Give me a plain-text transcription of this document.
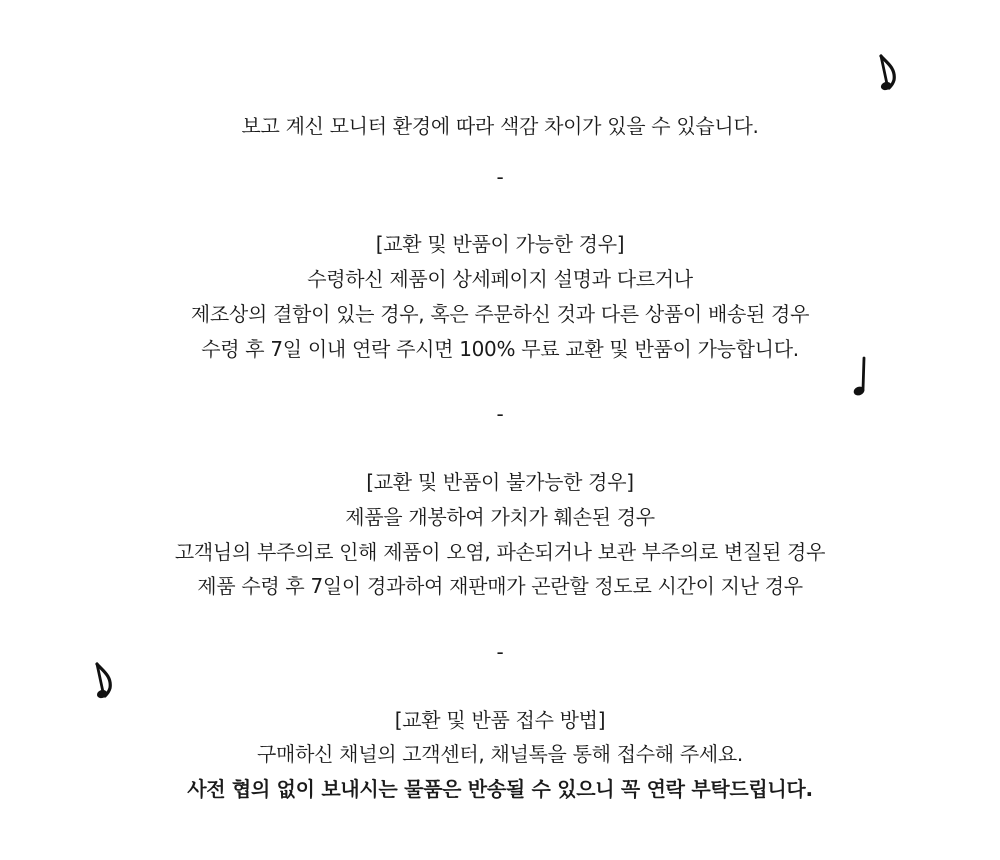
보고 계신 모니터 환경에 따라 색감 차이가 있을 수 있습니다.
-
[교환 및 반품이 가능한 경우]
수령하신 제품이 상세페이지 설명과 다르거나
제조상의 결함이 있는 경우, 혹은 주문하신 것과 다른 상품이 배송된 경우
수령 후 7일 이내 연락 주시면 100% 무료 교환 및 반품이 가능합니다.
-
[교환 및 반품이 불가능한 경우]
제품을 개봉하여 가치가 훼손된 경우
고객님의 부주의로 인해 제품이 오염, 파손되거나 보관 부주의로 변질된 경우
제품 수령 후 7일이 경과하여 재판매가 곤란할 정도로 시간이 지난 경우
-
[교환 및 반품 접수 방법]
구매하신 채널의 고객센터, 채널톡을 통해 접수해 주세요.
사전 협의 없이 보내시는 물품은 반송될 수 있으니 꼭 연락 부탁드립니다.
